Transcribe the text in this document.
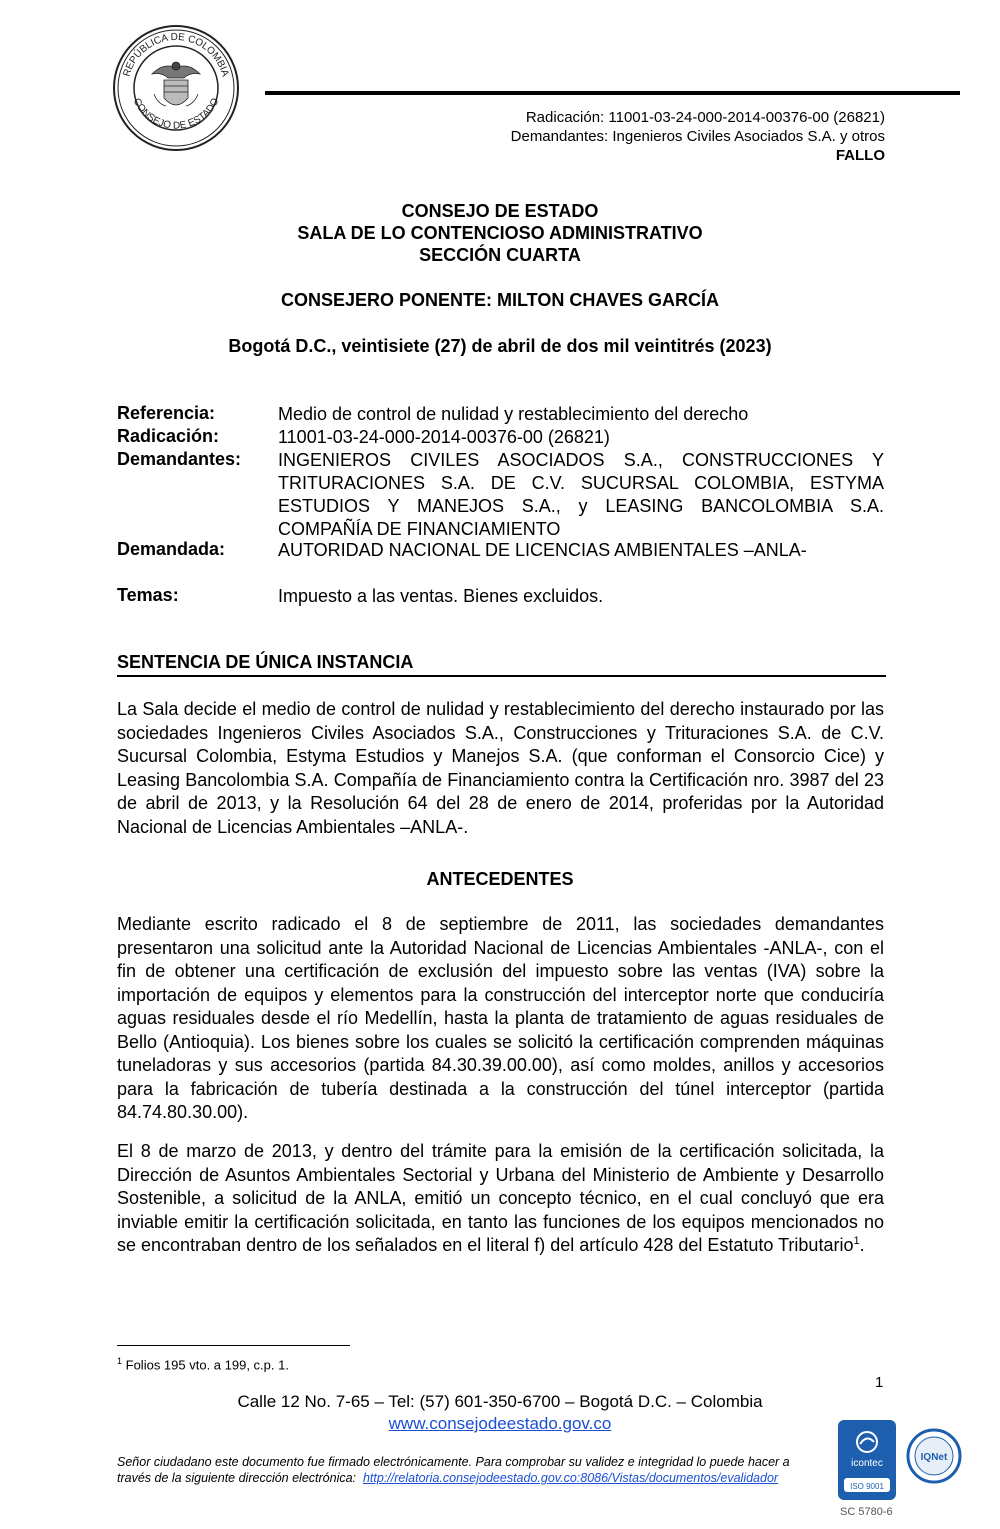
REPÚBLICA DE COLOMBIA
CONSEJO DE ESTADO
Radicación: 11001-03-24-000-2014-00376-00 (26821)
Demandantes: Ingenieros Civiles Asociados S.A. y otros
FALLO
CONSEJO DE ESTADO
SALA DE LO CONTENCIOSO ADMINISTRATIVO
SECCIÓN CUARTA
CONSEJERO PONENTE: MILTON CHAVES GARCÍA
Bogotá D.C., veintisiete (27) de abril de dos mil veintitrés (2023)
Referencia:	Medio de control de nulidad y restablecimiento del derecho
Radicación:	11001-03-24-000-2014-00376-00 (26821)
Demandantes: INGENIEROS CIVILES ASOCIADOS S.A., CONSTRUCCIONES Y TRITURACIONES S.A. DE C.V. SUCURSAL COLOMBIA, ESTYMA ESTUDIOS Y MANEJOS S.A., y LEASING BANCOLOMBIA S.A. COMPAÑÍA DE FINANCIAMIENTO
Demandada:	AUTORIDAD NACIONAL DE LICENCIAS AMBIENTALES –ANLA-
Temas:	Impuesto a las ventas. Bienes excluidos.
SENTENCIA DE ÚNICA INSTANCIA
La Sala decide el medio de control de nulidad y restablecimiento del derecho instaurado por las sociedades Ingenieros Civiles Asociados S.A., Construcciones y Trituraciones S.A. de C.V. Sucursal Colombia, Estyma Estudios y Manejos S.A. (que conforman el Consorcio Cice) y Leasing Bancolombia S.A. Compañía de Financiamiento contra la Certificación nro. 3987 del 23 de abril de 2013, y la Resolución 64 del 28 de enero de 2014, proferidas por la Autoridad Nacional de Licencias Ambientales –ANLA-.
ANTECEDENTES
Mediante escrito radicado el 8 de septiembre de 2011, las sociedades demandantes presentaron una solicitud ante la Autoridad Nacional de Licencias Ambientales -ANLA-, con el fin de obtener una certificación de exclusión del impuesto sobre las ventas (IVA) sobre la importación de equipos y elementos para la construcción del interceptor norte que conduciría aguas residuales desde el río Medellín, hasta la planta de tratamiento de aguas residuales de Bello (Antioquia). Los bienes sobre los cuales se solicitó la certificación comprenden máquinas tuneladoras y sus accesorios (partida 84.30.39.00.00), así como moldes, anillos y accesorios para la fabricación de tubería destinada a la construcción del túnel interceptor (partida 84.74.80.30.00).
El 8 de marzo de 2013, y dentro del trámite para la emisión de la certificación solicitada, la Dirección de Asuntos Ambientales Sectorial y Urbana del Ministerio de Ambiente y Desarrollo Sostenible, a solicitud de la ANLA, emitió un concepto técnico, en el cual concluyó que era inviable emitir la certificación solicitada, en tanto las funciones de los equipos mencionados no se encontraban dentro de los señalados en el literal f) del artículo 428 del Estatuto Tributario$^1$.
$^1$ Folios 195 vto. a 199, c.p. 1.
1
Calle 12 No. 7-65 – Tel: (57) 601-350-6700 – Bogotá D.C. – Colombia
www.consejodeestado.gov.co
Señor ciudadano este documento fue firmado electrónicamente. Para comprobar su validez e integridad lo puede hacer a través de la siguiente dirección electrónica: http://relatoria.consejodeestado.gov.co:8086/Vistas/documentos/evalidador
icontec
ISO 9001
IQNet
SC 5780-6
